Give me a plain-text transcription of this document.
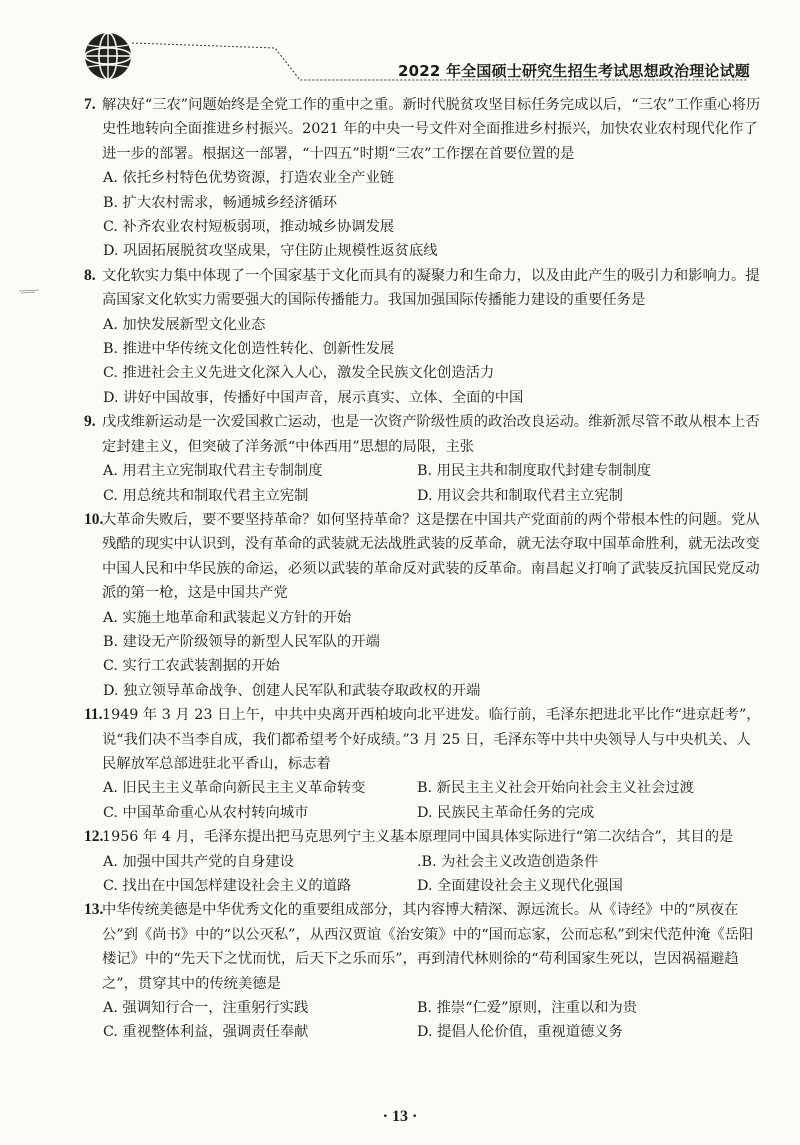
2022 年全国硕士研究生招生考试思想政治理论试题
7. 解决好“三农”问题始终是全党工作的重中之重。新时代脱贫攻坚目标任务完成以后，“三农”工作重心将历史性地转向全面推进乡村振兴。2021 年的中央一号文件对全面推进乡村振兴，加快农业农村现代化作了进一步的部署。根据这一部署，“十四五”时期“三农”工作摆在首要位置的是
A. 依托乡村特色优势资源，打造农业全产业链
B. 扩大农村需求，畅通城乡经济循环
C. 补齐农业农村短板弱项，推动城乡协调发展
D. 巩固拓展脱贫攻坚成果，守住防止规模性返贫底线
8. 文化软实力集中体现了一个国家基于文化而具有的凝聚力和生命力，以及由此产生的吸引力和影响力。提高国家文化软实力需要强大的国际传播能力。我国加强国际传播能力建设的重要任务是
A. 加快发展新型文化业态
B. 推进中华传统文化创造性转化、创新性发展
C. 推进社会主义先进文化深入人心，激发全民族文化创造活力
D. 讲好中国故事，传播好中国声音，展示真实、立体、全面的中国
9. 戊戌维新运动是一次爱国救亡运动，也是一次资产阶级性质的政治改良运动。维新派尽管不敢从根本上否定封建主义，但突破了洋务派“中体西用”思想的局限，主张
A. 用君主立宪制取代君主专制制度	B. 用民主共和制度取代封建专制制度
C. 用总统共和制取代君主立宪制	D. 用议会共和制取代君主立宪制
10.
大革命失败后，要不要坚持革命？如何坚持革命？这是摆在中国共产党面前的两个带根本性的问题。党从残酷的现实中认识到，没有革命的武装就无法战胜武装的反革命，就无法夺取中国革命胜利，就无法改变中国人民和中华民族的命运，必须以武装的革命反对武装的反革命。南昌起义打响了武装反抗国民党反动派的第一枪，这是中国共产党
A. 实施土地革命和武装起义方针的开始
B. 建设无产阶级领导的新型人民军队的开端
C. 实行工农武装割据的开始
D. 独立领导革命战争、创建人民军队和武装夺取政权的开端
11. 1949 年 3 月 23 日上午，中共中央离开西柏坡向北平进发。临行前，毛泽东把进北平比作“进京赶考”，说“我们决不当李自成，我们都希望考个好成绩。”3 月 25 日，毛泽东等中共中央领导人与中央机关、人民解放军总部进驻北平香山，标志着
A. 旧民主主义革命向新民主主义革命转变	B. 新民主主义社会开始向社会主义社会过渡
C. 中国革命重心从农村转向城市	D. 民族民主革命任务的完成
12.
1956 年 4 月，毛泽东提出把马克思列宁主义基本原理同中国具体实际进行“第二次结合”，其目的是
A. 加强中国共产党的自身建设	.B. 为社会主义改造创造条件
C. 找出在中国怎样建设社会主义的道路	D. 全面建设社会主义现代化强国
13.
中华传统美德是中华优秀文化的重要组成部分，其内容博大精深、源远流长。从《诗经》中的“夙夜在公”到《尚书》中的“以公灭私”，从西汉贾谊《治安策》中的“国而忘家，公而忘私”到宋代范仲淹《岳阳楼记》中的“先天下之忧而忧，后天下之乐而乐”，再到清代林则徐的“苟利国家生死以，岂因祸福避趋之”，贯穿其中的传统美德是
A. 强调知行合一，注重躬行实践	B. 推崇“仁爱”原则，注重以和为贵
C. 重视整体利益，强调责任奉献	D. 提倡人伦价值，重视道德义务
· 13 ·
